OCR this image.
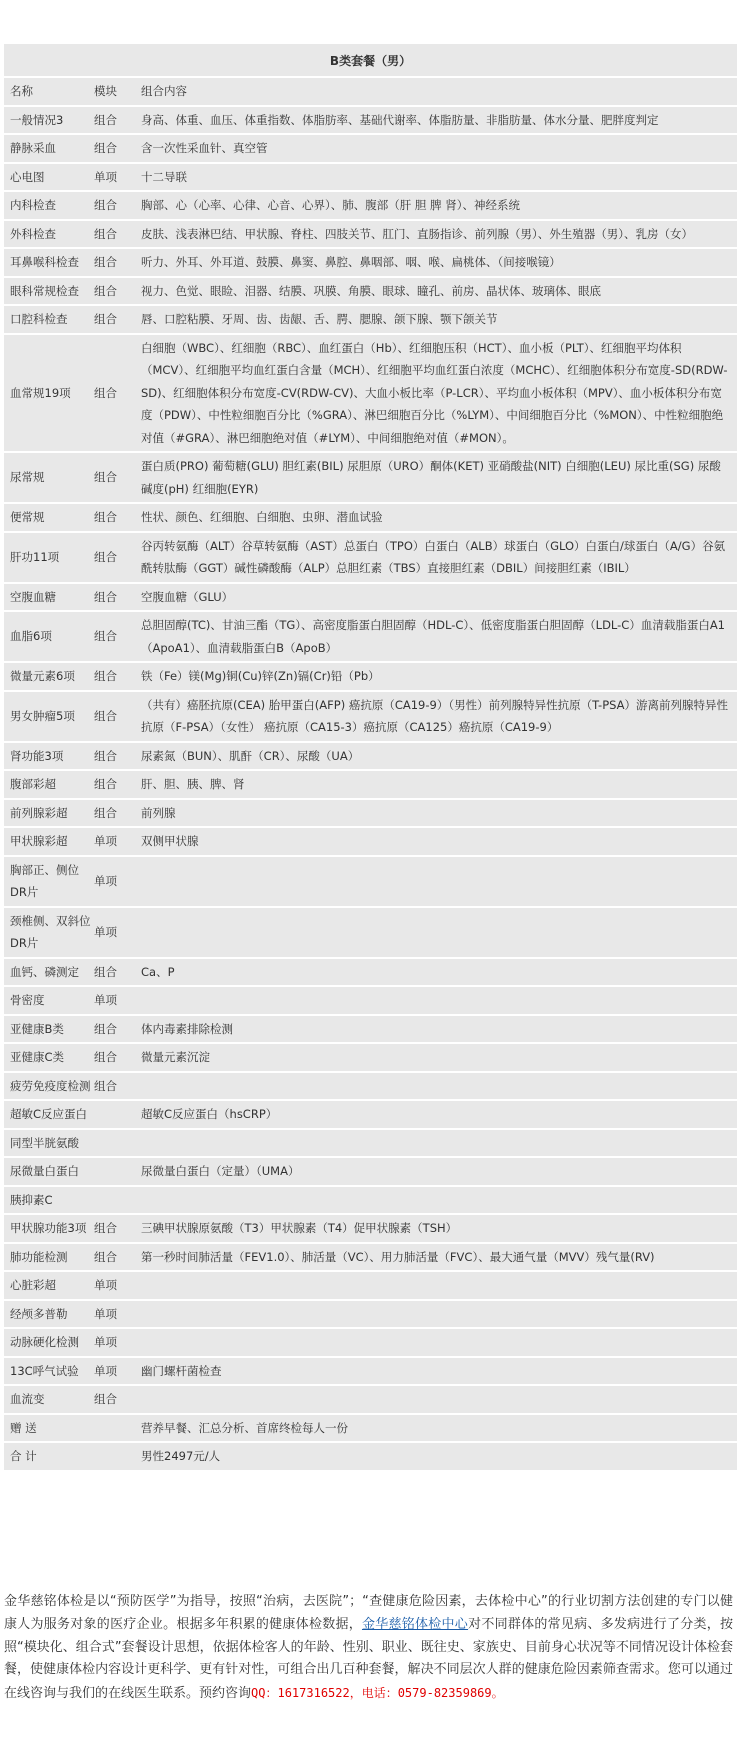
B类套餐（男）		
名称	模块	组合内容
一般情况3	组合	身高、体重、血压、体重指数、体脂肪率、基础代谢率、体脂肪量、非脂肪量、体水分量、肥胖度判定
静脉采血	组合	含一次性采血针、真空管
心电图	单项	十二导联
内科检查	组合	胸部、心（心率、心律、心音、心界）、肺、腹部（肝 胆 脾 肾）、神经系统
外科检查	组合	皮肤、浅表淋巴结、甲状腺、脊柱、四肢关节、肛门、直肠指诊、前列腺（男）、外生殖器（男）、乳房（女）
耳鼻喉科检查	组合	听力、外耳、外耳道、鼓膜、鼻窦、鼻腔、鼻咽部、咽、喉、扁桃体、（间接喉镜）
眼科常规检查	组合	视力、色觉、眼睑、泪器、结膜、巩膜、角膜、眼球、瞳孔、前房、晶状体、玻璃体、眼底
口腔科检查	组合	唇、口腔粘膜、牙周、齿、齿龈、舌、腭、腮腺、颌下腺、颚下颌关节
血常规19项	组合	白细胞（WBC）、红细胞（RBC）、血红蛋白（Hb）、红细胞压积（HCT）、血小板（PLT）、红细胞平均体积（MCV）、红细胞平均血红蛋白含量（MCH）、红细胞平均血红蛋白浓度（MCHC）、红细胞体积分布宽度-SD(RDW-SD)、红细胞体积分布宽度-CV(RDW-CV)、大血小板比率（P-LCR）、平均血小板体积（MPV）、血小板体积分布宽度（PDW）、中性粒细胞百分比（%GRA）、淋巴细胞百分比（%LYM）、中间细胞百分比（%MON）、中性粒细胞绝对值（#GRA）、淋巴细胞绝对值（#LYM）、中间细胞绝对值（#MON）。
尿常规	组合	蛋白质(PRO) 葡萄糖(GLU) 胆红素(BIL) 尿胆原（URO）酮体(KET) 亚硝酸盐(NIT) 白细胞(LEU) 尿比重(SG) 尿酸碱度(pH) 红细胞(EYR)
便常规	组合	性状、颜色、红细胞、白细胞、虫卵、潜血试验
肝功11项	组合	谷丙转氨酶（ALT）谷草转氨酶（AST）总蛋白（TPO）白蛋白（ALB）球蛋白（GLO）白蛋白/球蛋白（A/G）谷氨酰转肽酶（GGT）碱性磷酸酶（ALP）总胆红素（TBS）直接胆红素（DBIL）间接胆红素（IBIL）
空腹血糖	组合	空腹血糖（GLU）
血脂6项	组合	总胆固醇(TC)、甘油三酯（TG）、高密度脂蛋白胆固醇（HDL-C）、低密度脂蛋白胆固醇（LDL-C）血清载脂蛋白A1（ApoA1）、血清载脂蛋白B（ApoB）
微量元素6项	组合	铁（Fe）镁(Mg)铜(Cu)锌(Zn)镉(Cr)铅（Pb）
男女肿瘤5项	组合	（共有）癌胚抗原(CEA) 胎甲蛋白(AFP) 癌抗原（CA19-9）（男性）前列腺特异性抗原（T-PSA）游离前列腺特异性抗原（F-PSA）（女性） 癌抗原（CA15-3）癌抗原（CA125）癌抗原（CA19-9）
肾功能3项	组合	尿素氮（BUN）、肌酐（CR）、尿酸（UA）
腹部彩超	组合	肝、胆、胰、脾、肾
前列腺彩超	组合	前列腺
甲状腺彩超	单项	双侧甲状腺
胸部正、侧位DR片	单项	
颈椎侧、双斜位DR片	单项	
血钙、磷测定	组合	Ca、P
骨密度	单项	
亚健康B类	组合	体内毒素排除检测
亚健康C类	组合	微量元素沉淀
疲劳免疫度检测	组合	
超敏C反应蛋白		超敏C反应蛋白（hsCRP）
同型半胱氨酸		
尿微量白蛋白		尿微量白蛋白（定量）（UMA）
胰抑素C		
甲状腺功能3项	组合	三碘甲状腺原氨酸（T3）甲状腺素（T4）促甲状腺素（TSH）
肺功能检测	组合	第一秒时间肺活量（FEV1.0）、肺活量（VC）、用力肺活量（FVC）、最大通气量（MVV）残气量(RV)
心脏彩超	单项	
经颅多普勒	单项	
动脉硬化检测	单项	
13C呼气试验	单项	幽门螺杆菌检查
血流变	组合	
赠 送		营养早餐、汇总分析、首席终检每人一份
合 计		男性2497元/人
金华慈铭体检是以“预防医学”为指导，按照“治病，去医院”；“查健康危险因素，去体检中心”的行业切割方法创建的专门以健康人为服务对象的医疗企业。根据多年积累的健康体检数据，金华慈铭体检中心对不同群体的常见病、多发病进行了分类，按照“模块化、组合式”套餐设计思想，依据体检客人的年龄、性别、职业、既往史、家族史、目前身心状况等不同情况设计体检套餐，使健康体检内容设计更科学、更有针对性，可组合出几百种套餐，解决不同层次人群的健康危险因素筛查需求。您可以通过在线咨询与我们的在线医生联系。预约咨询QQ：1617316522，电话：0579-82359869。
